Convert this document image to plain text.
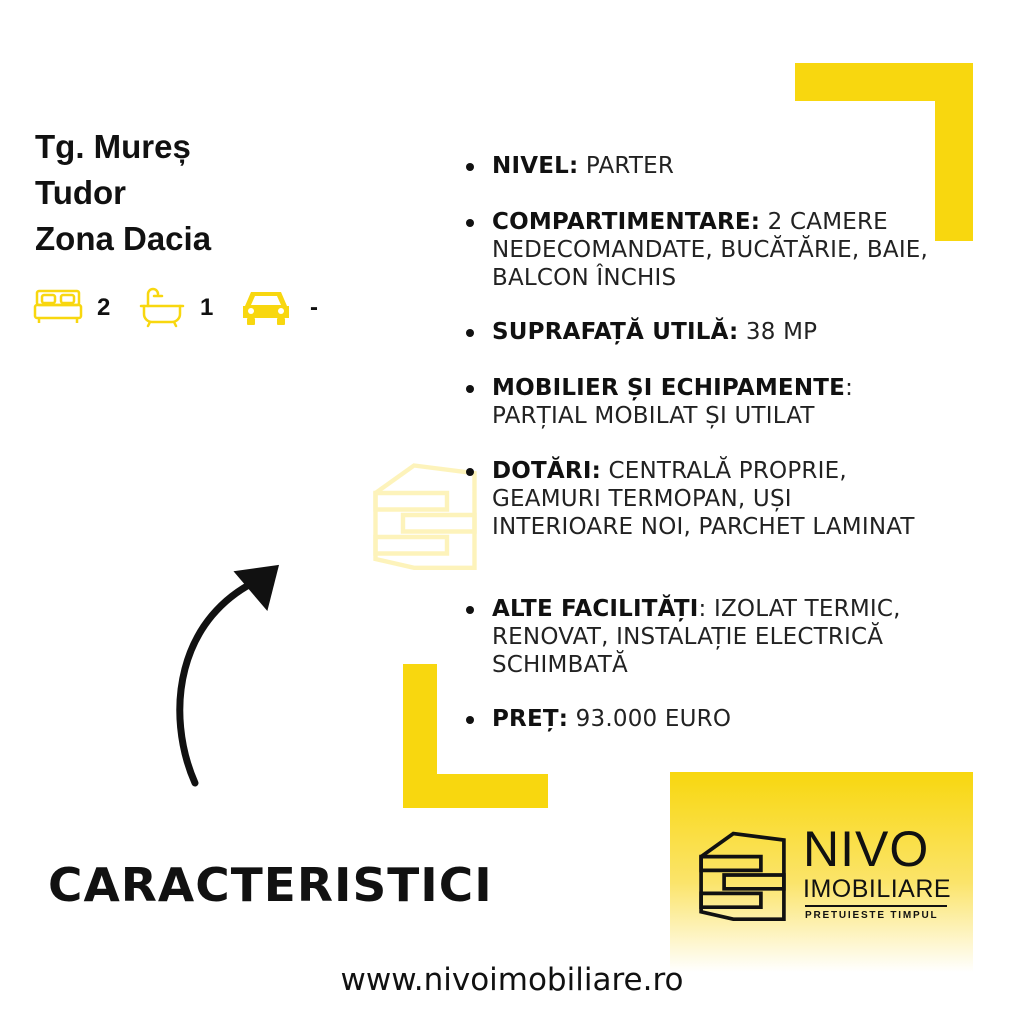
Tg. Mureș
Tudor
Zona Dacia
2	1	-
NIVEL: PARTER
COMPARTIMENTARE: 2 CAMERE NEDECOMANDATE, BUCĂTĂRIE, BAIE, BALCON ÎNCHIS
SUPRAFAȚĂ UTILĂ: 38 MP
MOBILIER ȘI ECHIPAMENTE: PARȚIAL MOBILAT ȘI UTILAT
DOTĂRI: CENTRALĂ PROPRIE, GEAMURI TERMOPAN, UȘI INTERIOARE NOI, PARCHET LAMINAT
ALTE FACILITĂȚI: IZOLAT TERMIC, RENOVAT, INSTALAȚIE ELECTRICĂ SCHIMBATĂ
PREȚ: 93.000 EURO
CARACTERISTICI
NIVO
IMOBILIARE
PRETUIESTE TIMPUL
www.nivoimobiliare.ro
